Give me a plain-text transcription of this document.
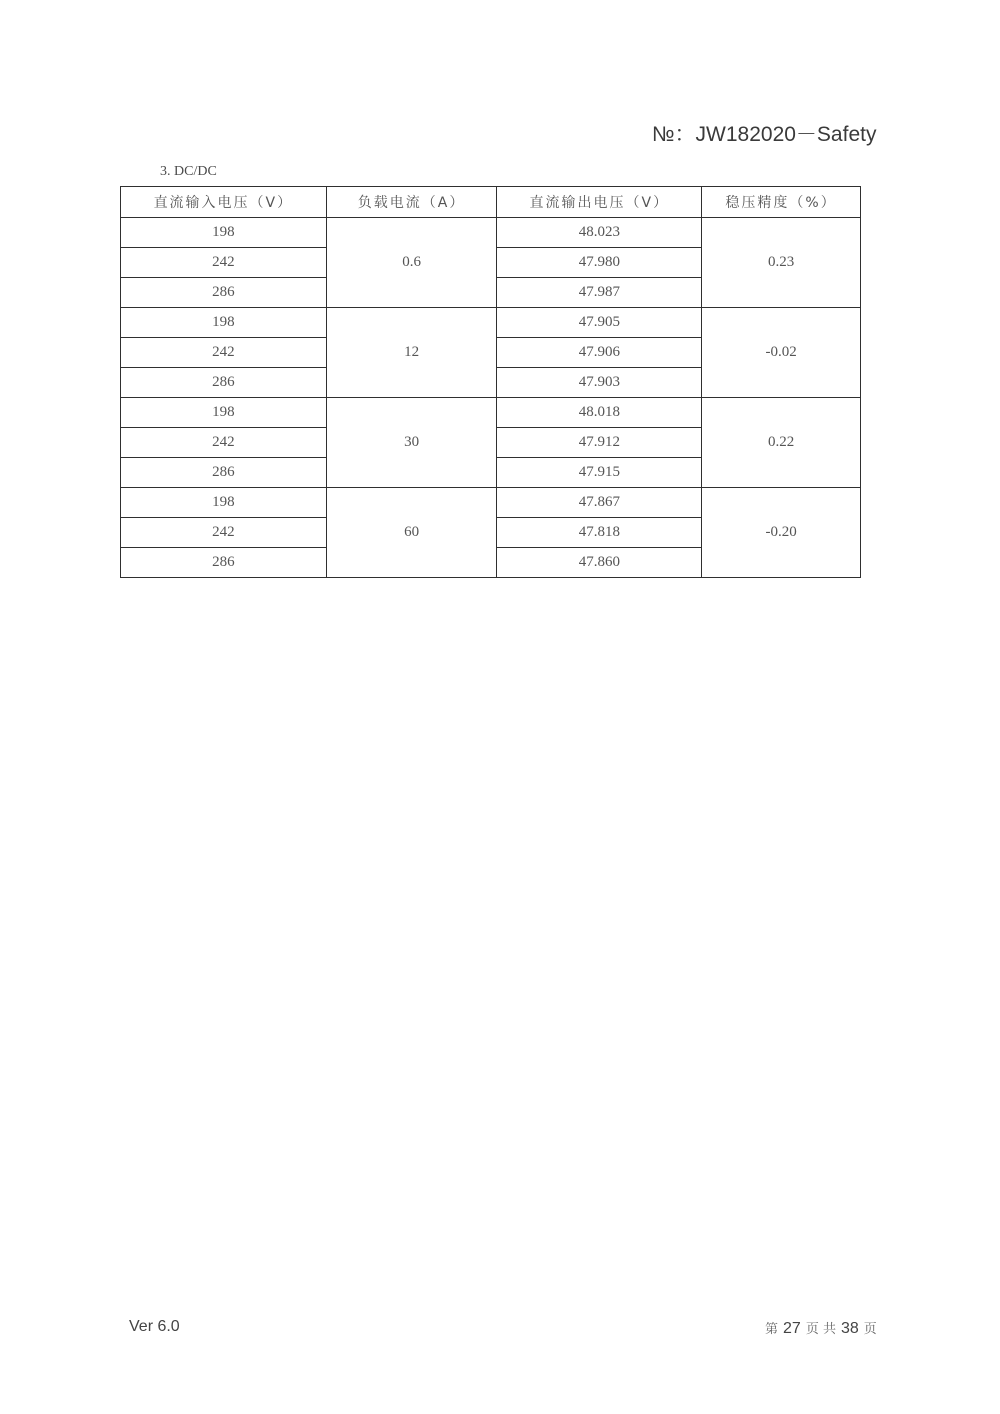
№：JW182020－Safety
3. DC/DC
直流输入电压（V）	负载电流（A）	直流输出电压（V）	稳压精度（%）
198	0.6	48.023	0.23
242		47.980	
286		47.987	
198	12	47.905	-0.02
242		47.906	
286		47.903	
198	30	48.018	0.22
242		47.912	
286		47.915	
198	60	47.867	-0.20
242		47.818	
286		47.860	
Ver 6.0	第 27 页 共 38 页
